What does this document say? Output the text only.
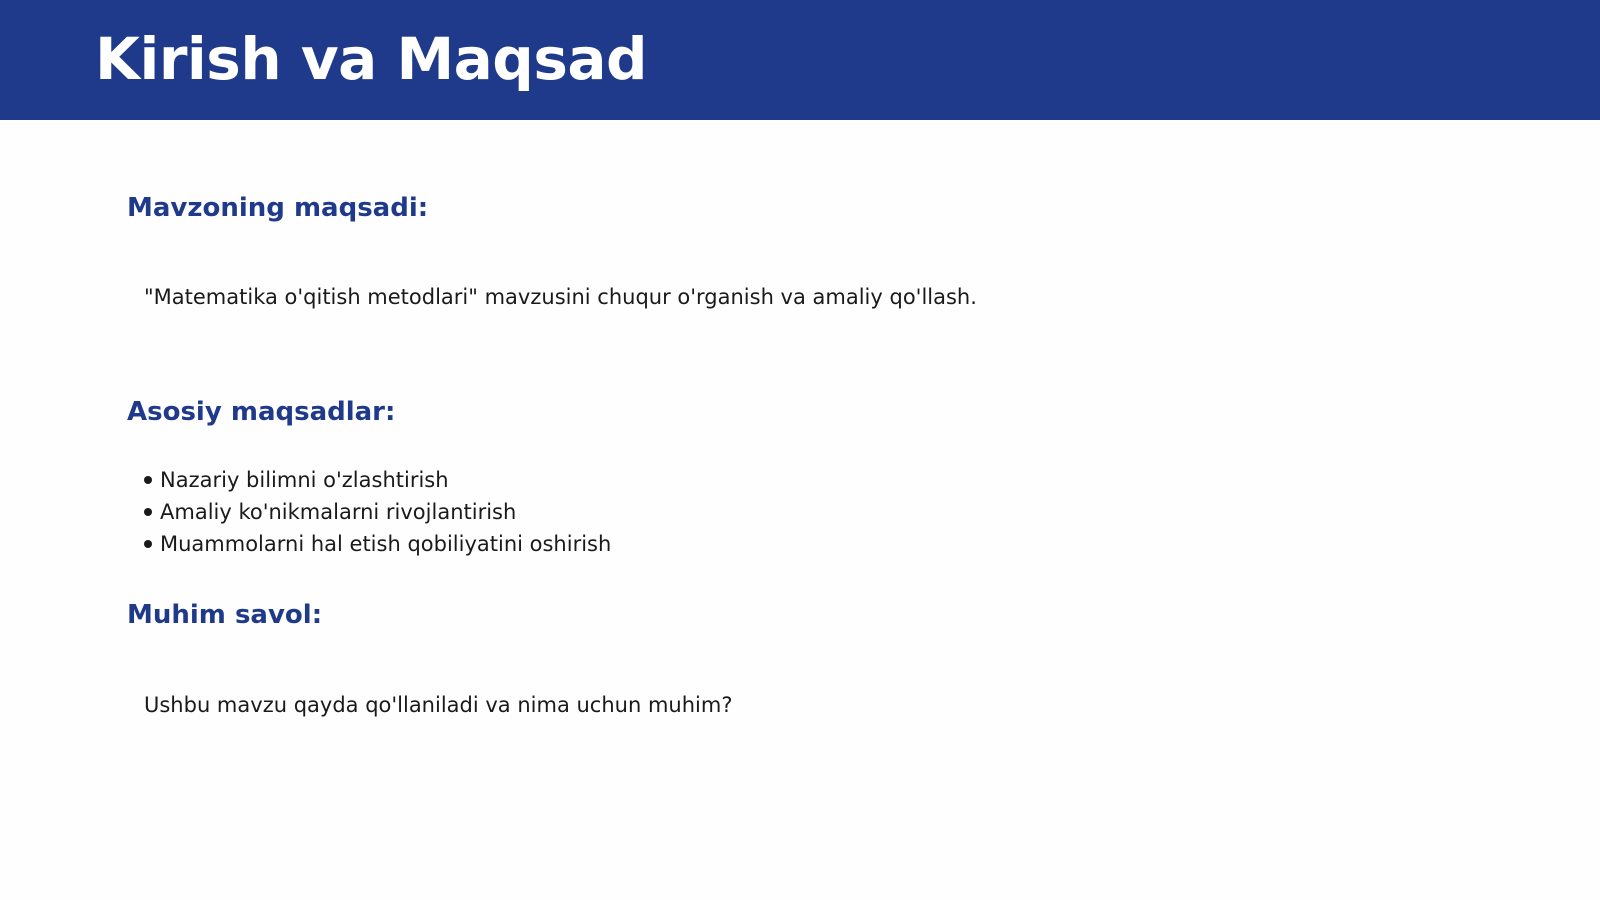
Kirish va Maqsad
Mavzoning maqsadi:

"Matematika o'qitish metodlari" mavzusini chuqur o'rganish va amaliy qo'llash.

Asosiy maqsadlar:
Nazariy bilimni o'zlashtirish
Amaliy ko'nikmalarni rivojlantirish
Muammolarni hal etish qobiliyatini oshirish
Muhim savol:

Ushbu mavzu qayda qo'llaniladi va nima uchun muhim?
